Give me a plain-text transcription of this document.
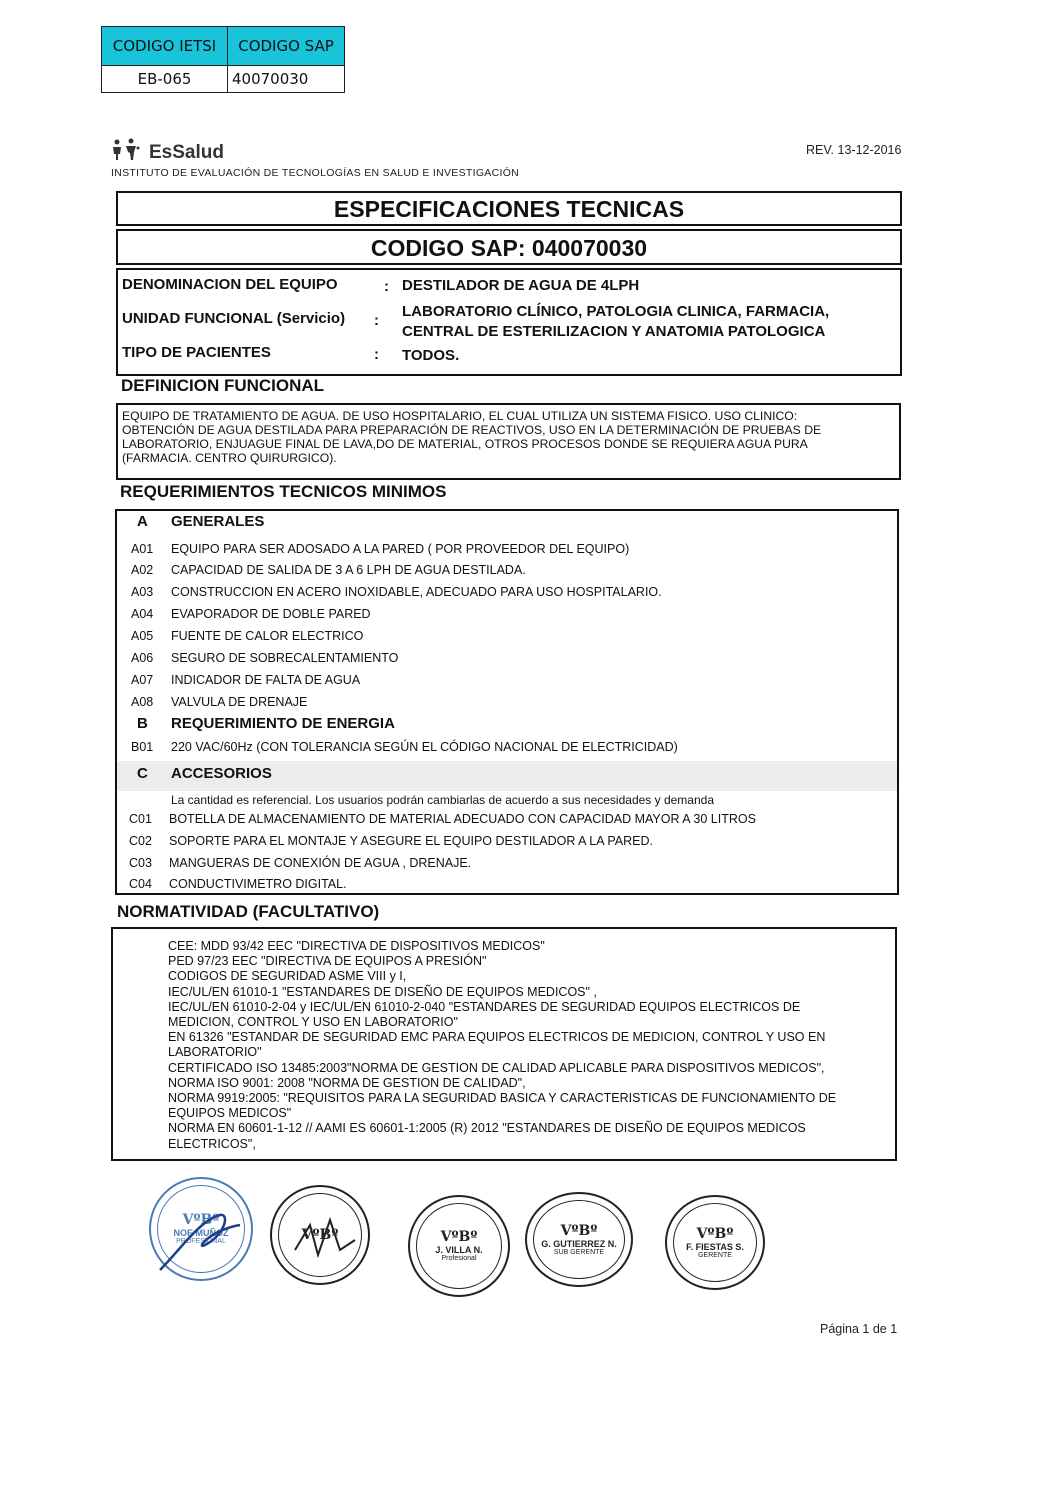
CODIGO IETSI	CODIGO SAP
EB-065	40070030
EsSalud
INSTITUTO DE EVALUACIÓN DE TECNOLOGÍAS EN SALUD E INVESTIGACIÓN
REV. 13-12-2016
ESPECIFICACIONES TECNICAS
CODIGO SAP: 040070030
DENOMINACION DEL EQUIPO	: DESTILADOR DE AGUA DE 4LPH
UNIDAD FUNCIONAL (Servicio) :
LABORATORIO CLÍNICO, PATOLOGIA CLINICA, FARMACIA,
CENTRAL DE ESTERILIZACION Y ANATOMIA PATOLOGICA
TIPO DE PACIENTES	: TODOS.
DEFINICION FUNCIONAL
EQUIPO DE TRATAMIENTO DE AGUA. DE USO HOSPITALARIO, EL CUAL UTILIZA UN SISTEMA FISICO. USO CLINICO:
OBTENCIÓN DE AGUA DESTILADA PARA PREPARACIÓN DE REACTIVOS, USO EN LA DETERMINACIÓN DE PRUEBAS DE
LABORATORIO, ENJUAGUE FINAL DE LAVA,DO DE MATERIAL, OTROS PROCESOS DONDE SE REQUIERA AGUA PURA
(FARMACIA. CENTRO QUIRURGICO).
REQUERIMIENTOS TECNICOS MINIMOS
A GENERALES
A01 EQUIPO PARA SER ADOSADO A LA PARED ( POR PROVEEDOR DEL EQUIPO)
A02 CAPACIDAD DE SALIDA DE 3 A 6 LPH DE AGUA DESTILADA.
A03 CONSTRUCCION EN ACERO INOXIDABLE, ADECUADO PARA USO HOSPITALARIO.
A04 EVAPORADOR DE DOBLE PARED
A05 FUENTE DE CALOR ELECTRICO
A06 SEGURO DE SOBRECALENTAMIENTO
A07 INDICADOR DE FALTA DE AGUA
A08 VALVULA DE DRENAJE
B REQUERIMIENTO DE ENERGIA
B01 220 VAC/60Hz (CON TOLERANCIA SEGÚN EL CÓDIGO NACIONAL DE ELECTRICIDAD)
C ACCESORIOS
La cantidad es referencial. Los usuarios podrán cambiarlas de acuerdo a sus necesidades y demanda
C01 BOTELLA DE ALMACENAMIENTO DE MATERIAL ADECUADO CON CAPACIDAD MAYOR A 30 LITROS
C02 SOPORTE PARA EL MONTAJE Y ASEGURE EL EQUIPO DESTILADOR A LA PARED.
C03 MANGUERAS DE CONEXIÓN DE AGUA , DRENAJE.
C04 CONDUCTIVIMETRO DIGITAL.
NORMATIVIDAD (FACULTATIVO)
CEE: MDD 93/42 EEC "DIRECTIVA DE DISPOSITIVOS MEDICOS"
PED 97/23 EEC "DIRECTIVA DE EQUIPOS A PRESIÓN"
CODIGOS DE SEGURIDAD ASME VIII y I,
IEC/UL/EN 61010-1 "ESTANDARES DE DISEÑO DE EQUIPOS MEDICOS" ,
IEC/UL/EN 61010-2-04 y IEC/UL/EN 61010-2-040 "ESTANDARES DE SEGURIDAD EQUIPOS ELECTRICOS DE
MEDICION, CONTROL Y USO EN LABORATORIO"
EN 61326 "ESTANDAR DE SEGURIDAD EMC PARA EQUIPOS ELECTRICOS DE MEDICION, CONTROL Y USO EN
LABORATORIO"
CERTIFICADO ISO 13485:2003"NORMA DE GESTION DE CALIDAD APLICABLE PARA DISPOSITIVOS MEDICOS",
NORMA ISO 9001: 2008 "NORMA DE GESTION DE CALIDAD",
NORMA 9919:2005: "REQUISITOS PARA LA SEGURIDAD BASICA Y CARACTERISTICAS DE FUNCIONAMIENTO DE
EQUIPOS MEDICOS"
NORMA EN 60601-1-12 // AAMI ES 60601-1:2005 (R) 2012 "ESTANDARES DE DISEÑO DE EQUIPOS MEDICOS
ELECTRICOS",
VºBº
NOE MUÑOZ
PROFESIONAL	VºBº	VºBº
J. VILLA N.
Profesional
VºBº
G. GUTIERREZ N.
SUB GERENTE
VºBº
F. FIESTAS S.
GERENTE
Página 1 de 1
